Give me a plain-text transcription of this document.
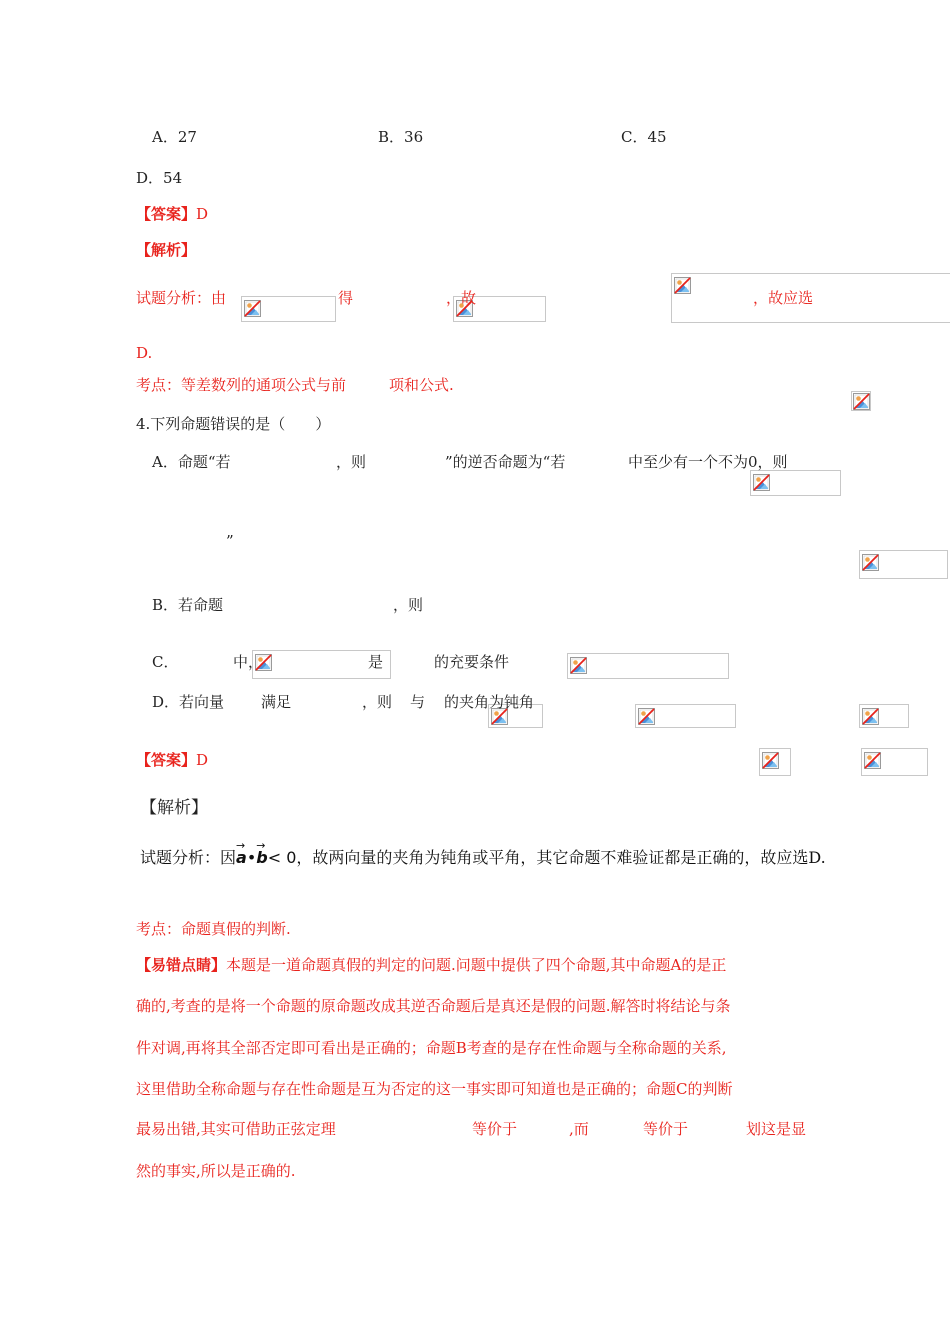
A．27	B．36	C．45
D．54
【答案】D
【解析】
试题分析：由
	得
	，故
	，故应选
D.
考点：等差数列的通项公式与前
	项和公式.
4.下列命题错误的是（　　）
A．命题“若
	，则
	”的逆否命题为“若
	中至少有一个不为0，则

”
B．若命题

	，则

C．
	中，
	是
	的充要条件
D．若向量
满足
	，则
与
的夹角为钝角
【答案】D
【解析】
试题分析：因→ a•→ b< 0，故两向量的夹角为钝角或平角，其它命题不难验证都是正确的，故应选D.
考点：命题真假的判断.
【易错点睛】本题是一道命题真假的判定的问题.问题中提供了四个命题,其中命题A的是正
确的,考查的是将一个命题的原命题改成其逆否命题后是真还是假的问题.解答时将结论与条
件对调,再将其全部否定即可看出是正确的；命题B考查的是存在性命题与全称命题的关系,
这里借助全称命题与存在性命题是互为否定的这一事实即可知道也是正确的；命题C的判断
最易出错,其实可借助正弦定理
	等价于
	,而
	等价于	划这是显
然的事实,所以是正确的.
